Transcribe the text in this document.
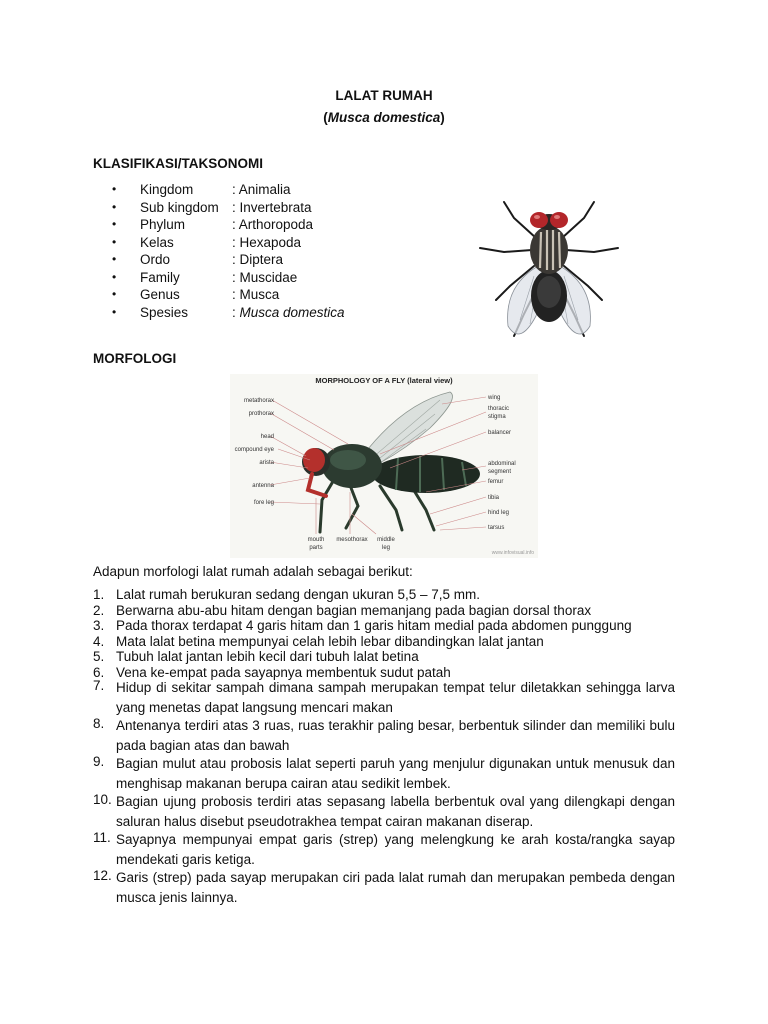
LALAT RUMAH
(Musca domestica)
KLASIFIKASI/TAKSONOMI
•	Kingdom	: Animalia
•	Sub kingdom : Invertebrata
•	Phylum	: Arthoropoda
•	Kelas	: Hexapoda
•	Ordo	: Diptera
•	Family	: Muscidae
•	Genus	: Musca
•	Spesies	: Musca domestica
MORFOLOGI
MORPHOLOGY OF A FLY (lateral view)
metathorax
prothorax
head
compound eye
arista
antenna
fore leg
wing
thoracic
stigma
balancer
abdominal
segment
femur
tibia
hind leg
tarsus
mouth
parts
mesothorax middle
leg
www.infovisual.info
Adapun morfologi lalat rumah adalah sebagai berikut:
1. Lalat rumah berukuran sedang dengan ukuran 5,5 – 7,5 mm.
2. Berwarna abu-abu hitam dengan bagian memanjang pada bagian dorsal thorax
3. Pada thorax terdapat 4 garis hitam dan 1 garis hitam medial pada abdomen punggung
4. Mata lalat betina mempunyai celah lebih lebar dibandingkan lalat jantan
5. Tubuh lalat jantan lebih kecil dari tubuh lalat betina
6. Vena ke-empat pada sayapnya membentuk sudut patah
7. Hidup di sekitar sampah dimana sampah merupakan tempat telur diletakkan sehingga larva yang menetas dapat langsung mencari makan
8. Antenanya terdiri atas 3 ruas, ruas terakhir paling besar, berbentuk silinder dan memiliki bulu pada bagian atas dan bawah
9. Bagian mulut atau probosis lalat seperti paruh yang menjulur digunakan untuk menusuk dan menghisap makanan berupa cairan atau sedikit lembek.
10. Bagian ujung probosis terdiri atas sepasang labella berbentuk oval yang dilengkapi dengan saluran halus disebut pseudotrakhea tempat cairan makanan diserap.
11. Sayapnya mempunyai empat garis (strep) yang melengkung ke arah kosta/rangka sayap mendekati garis ketiga.
12. Garis (strep) pada sayap merupakan ciri pada lalat rumah dan merupakan pembeda dengan musca jenis lainnya.
